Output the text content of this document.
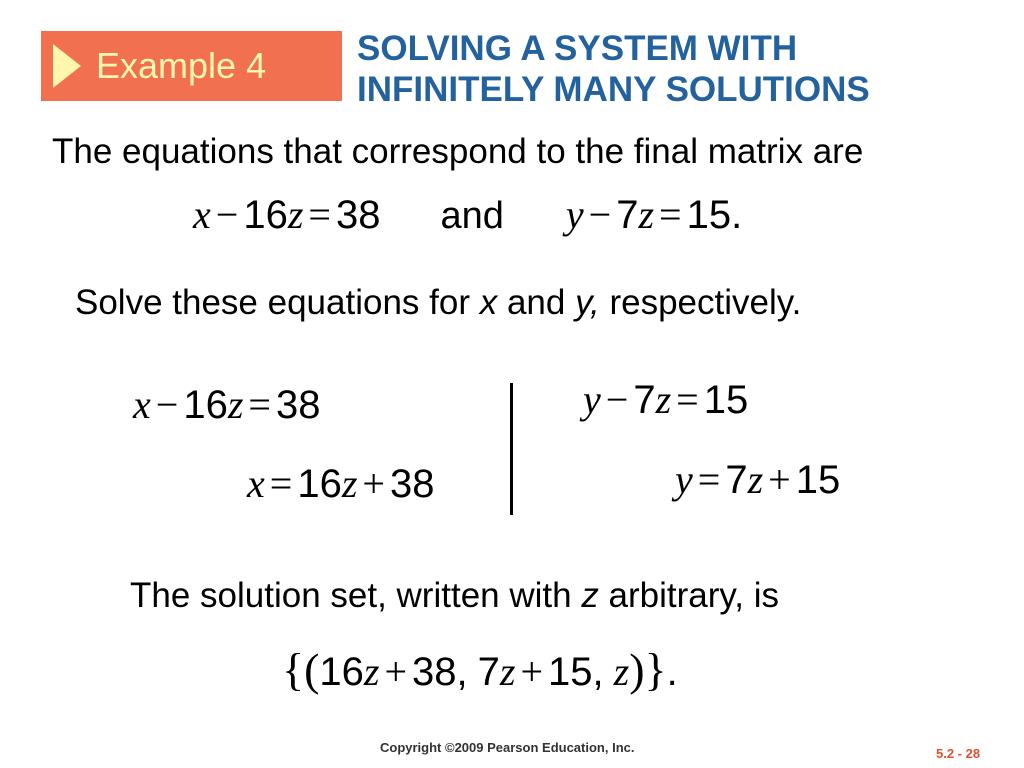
Example 4	SOLVING A SYSTEM WITH
INFINITELY MANY SOLUTIONS
The equations that correspond to the final matrix are
x − 16z = 38 and y − 7z = 15.
Solve these equations for x and y, respectively.
x − 16z = 38
x = 16z + 38
y − 7z = 15
y = 7z + 15
The solution set, written with z arbitrary, is
{(16z + 38, 7z + 15, z)}.
Copyright ©2009 Pearson Education, Inc.	5.2 - 28
